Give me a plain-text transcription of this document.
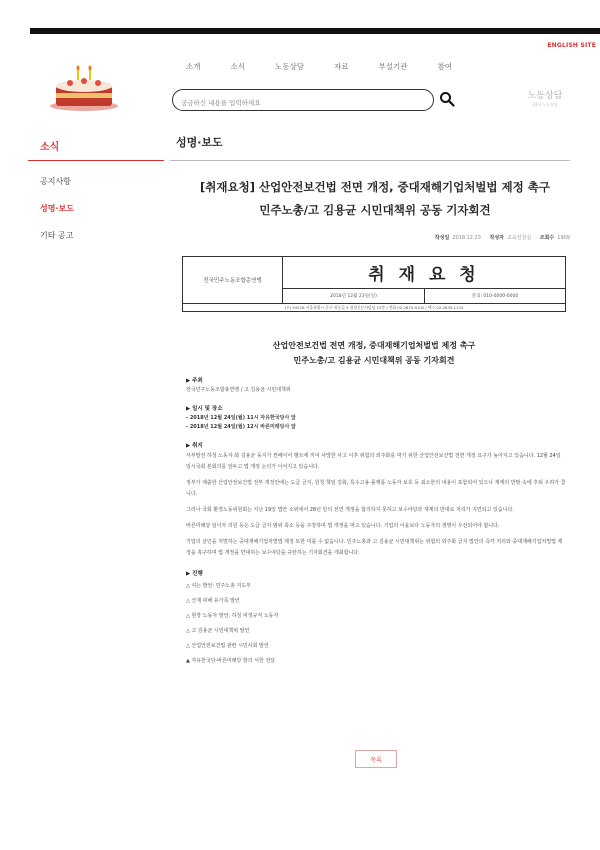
ENGLISH SITE
소개	소식	노동상담	자료	부설기관	참여
궁금하신 내용을 입력하세요
노동상담
24시 노동상담
소식
공지사항
성명·보도
기타 공고
성명·보도
[취재요청] 산업안전보건법 전면 개정, 중대재해기업처벌법 제정 촉구
민주노총/고 김용균 시민대책위 공동 기자회견
작성일 2018.12.23 작성자 교육선전실 조회수 1909
전국민주노동조합총연맹	취 재 요 청
2018년 12월 23일(일)	문의: 010-0000-0000
(우) 04518 서울특별시 중구 정동길 3 경향신문사빌딩 13층 / 전화 02-2670-9100 / 팩스 02-2635-1134
산업안전보건법 전면 개정, 중대재해기업처벌법 제정 촉구
민주노총/고 김용균 시민대책위 공동 기자회견
▶ 주최
전국민주노동조합총연맹 / 고 김용균 시민대책위
▶ 일시 및 장소
- 2018년 12월 24일(월) 11시 자유한국당사 앞
- 2018년 12월 24일(월) 12시 바른미래당사 앞
▶ 취지
서부발전 하청 노동자 故 김용균 동지가 컨베이어 벨트에 끼여 사망한 사고 이후 위험의 외주화를 막기 위한 산업안전보건법 전면 개정 요구가 높아지고 있습니다. 12월 24일 임시국회 본회의를 앞두고 법 개정 논의가 이어지고 있습니다.
정부가 제출한 산업안전보건법 전부 개정안에는 도급 금지, 원청 책임 강화, 특수고용·플랫폼 노동자 보호 등 최소한의 내용이 포함되어 있으나 재계의 반발 속에 후퇴 우려가 큽니다.
그러나 국회 환경노동위원회는 지난 19일 법안 소위에서 28년 만의 전면 개정을 합의하지 못하고 보수야당과 재계의 반대로 처리가 지연되고 있습니다.
바른미래당 임이자 의원 등은 도급 금지 범위 축소 등을 주장하며 법 개정을 막고 있습니다. 기업의 이윤보다 노동자의 생명이 우선되어야 합니다.
기업의 살인을 처벌하는 중대재해기업처벌법 제정 또한 미룰 수 없습니다. 민주노총과 고 김용균 시민대책위는 위험의 외주화 금지 법안의 즉각 처리와 중대재해기업처벌법 제정을 촉구하며 법 개정을 반대하는 보수야당을 규탄하는 기자회견을 개최합니다.
▶ 진행
△ 여는 발언: 민주노총 지도부
△ 산재 피해 유가족 발언
△ 현장 노동자 발언: 하청 비정규직 노동자
△ 고 김용균 시민대책위 발언
△ 산업안전보건법 관련 시민사회 발언
▲ 자유한국당·바른미래당 항의 서한 전달
목록
